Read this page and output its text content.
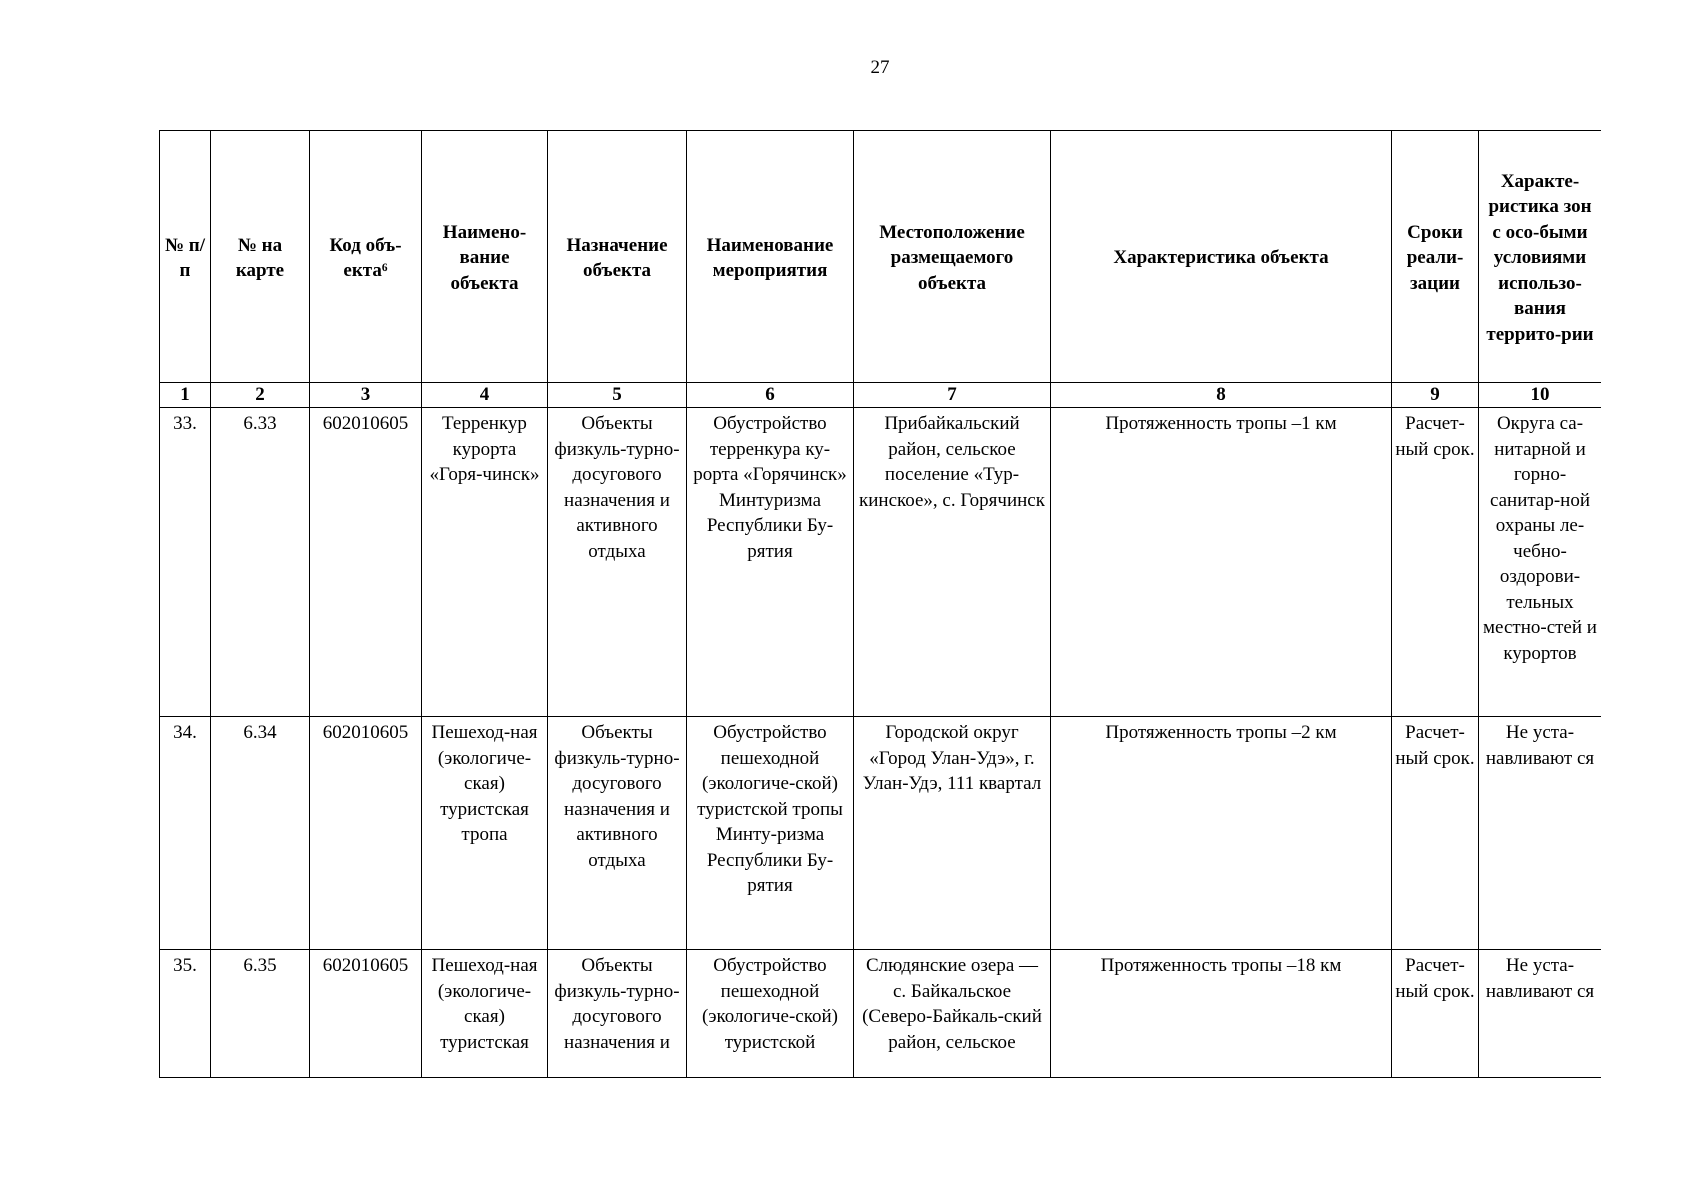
27
№ п/п	№ на карте	Код объ-екта⁶	Наимено-вание объекта	Назначение объекта	Наименование мероприятия	Местоположение размещаемого объекта	Характеристика объекта	Сроки реали-зации	Характе-ристика зон с осо-быми условиями использо-вания террито-рии
1	2	3	4	5	6	7	8	9	10
33.	6.33	602010605	Терренкур курорта «Горя-чинск»	Объекты физкуль-турно-досугового назначения и активного отдыха	Обустройство терренкура ку-рорта «Горячинск» Минтуризма Республики Бу-рятия	Прибайкальский район, сельское поселение «Тур-кинское», с. Горячинск	Протяженность тропы –1 км	Расчет-ный срок.	Округа са-нитарной и горно-санитар-ной охраны ле-чебно-оздорови-тельных местно-стей и курортов
34.	6.34	602010605	Пешеход-ная (экологиче-ская) туристская тропа	Объекты физкуль-турно-досугового назначения и активного отдыха	Обустройство пешеходной (экологиче-ской) туристской тропы Минту-ризма Республики Бу-рятия	Городской округ «Город Улан-Удэ», г. Улан-Удэ, 111 квартал	Протяженность тропы –2 км	Расчет-ный срок.	Не уста-навливают ся

35.	6.35	602010605	Пешеход-ная (экологиче-ская) туристская	Объекты физкуль-турно-досугового назначения и	Обустройство пешеходной (экологиче-ской) туристской	Слюдянские озера — с. Байкальское (Северо-Байкаль-ский район, сельское	Протяженность тропы –18 км	Расчет-ный срок.	Не уста-навливают ся
